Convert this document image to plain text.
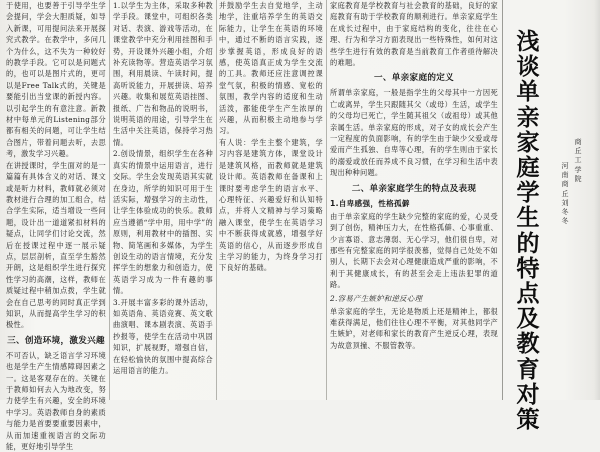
于使用，也要善于引导学生学会提问，学会大胆质疑，如导入新课，可用提问法来开展探究式教学。在教学中，多问几个为什么，这不失为一种较好的教学手段。它可以是问题式的，也可以是图片式的，更可以是Free Talk式的，关键是要能引出当堂课的新授内容。以引起学生的有意注意。新教材中每单元的Listening部分都有相关的问题，可让学生结合图片，带着问题去听，去思考，激发学习兴趣。

在讲授课时，学生面对的是一篇篇有具体含义的对话、课文或是听力材料，教师就必须对教材进行合理的加工组合，结合学生实际，适当增设一些问题，设计出一道道紧扣材料的疑点，让同学们讨论交流，然后在授课过程中逐一展示疑点，层层剖析，直至学生豁然开朗，这是组织学生进行探究性学习的高潮，这样，教师在质疑过程中稍加点拨，学生就会在自己思考的同时真正学到知识，从而提高学生学习的积极性。

三、创造环境，激发兴趣

不可否认，缺乏语言学习环境也是学生产生情感障碍因素之一。这是客观存在的。关键在于教师如何去入为地改变，努力使学生有兴趣，安全的环境中学习。英语教师自身的素质与能力是首要要重要因素中，从而加速重视语言的交际功能，更好地引导学生

1.以学生为主体，采取多种教学手段。课堂中，可组织各类对话、表演、游戏等活动，在课堂教学中充分利用挂图和手势，开设课外兴趣小组，介绍补充读物等。营造英语学习氛围，利用晨读、午读时间，提高听说能力，开展拼读、培养兴趣。收集和展览英语挂图、报纸、广告和物品的说明书，说明英语的用途，引导学生在生活中关注英语，保持学习热情。

2.创设情景，组织学生在各种真实的情景中运用语言，进行交际。学生会发现英语其实就在身边，所学的知识可用于生活实际，增强学习的主动性，让学生体验成功的快乐。教师应当遵循“学中用，用中学”的原则，利用教材中的插图、实物、简笔画和多媒体，为学生创设生动的语言情境，充分发挥学生的想象力和创造力，使英语学习成为一件有趣的事情。

3.开展丰富多彩的课外活动，如英语角、英语竞赛、英文歌曲演唱、课本剧表演、英语手抄报等，使学生在活动中巩固知识，扩展视野，增强自信，在轻松愉快的氛围中提高综合运用语言的能力。

并鼓励学生去自觉地学，主动地学，注重培养学生的英语交际能力，让学生在英语的环境中，通过不断的语言实践，逐步掌握英语，形成良好的语感，使英语真正成为学生交流的工具。教师还应注意调控课堂气氛，积极的情感、宽松的氛围，教学内容的适度和生动活泼，都能使学生产生浓厚的兴趣，从而积极主动地参与学习。

有人说：学生主整个建筑，学习内容是建筑方体，课堂设计是建筑风格，而教师就是建筑设计师。英语教师在备课和上课时要考虑学生的语言水平、心理特征、兴趣爱好和认知特点，并将人文精神与学习策略融入课堂，使学生在英语学习中不断获得成就感，增强学好英语的信心，从而逐步形成自主学习的能力，为终身学习打下良好的基础。

家庭教育是学校教育与社会教育的基础，良好的家庭教育有助于学校教育的顺利进行。单亲家庭学生在成长过程中，由于家庭结构的变化，往往在心理、行为和学习方面表现出一些特殊性，如何对这些学生进行有效的教育是当前教育工作者亟待解决的难题。

一、单亲家庭的定义

所谓单亲家庭，一般是指学生的父母其中一方因死亡或离异，学生只跟随其父（或母）生活，或学生的父母均已死亡，学生随其祖父（或祖母）或其他亲属生活。单亲家庭的形成，对子女的成长会产生一定程度的负面影响，有的学生由于缺少父爱或母爱而产生孤独、自卑等心理，有的学生则由于家长的溺爱或放任而养成不良习惯，在学习和生活中表现出种种问题。

二、单亲家庭学生的特点及表现
1.自卑感强，性格孤僻

由于单亲家庭的学生缺少完整的家庭的爱，心灵受到了创伤，精神压力大，在性格孤僻、心事重重、少言寡语、意志薄弱、无心学习，他们很自卑，对那些有完整家庭的同学很羡慕，觉得自己处处不如别人，长期下去会对心理健康造成严重的影响，不利于其健康成长，有的甚至会走上违法犯罪的道路。

2.容易产生嫉妒和逆反心理

单亲家庭的学生，无论是物质上还是精神上，都很难获得满足，他们往往心理不平衡，对其他同学产生嫉妒，对老师和家长的教育产生逆反心理，表现为故意顶撞、不服管教等。

浅谈单亲家庭学生的特点及教育对策
商丘工学院
河南 商丘 刘冬冬
